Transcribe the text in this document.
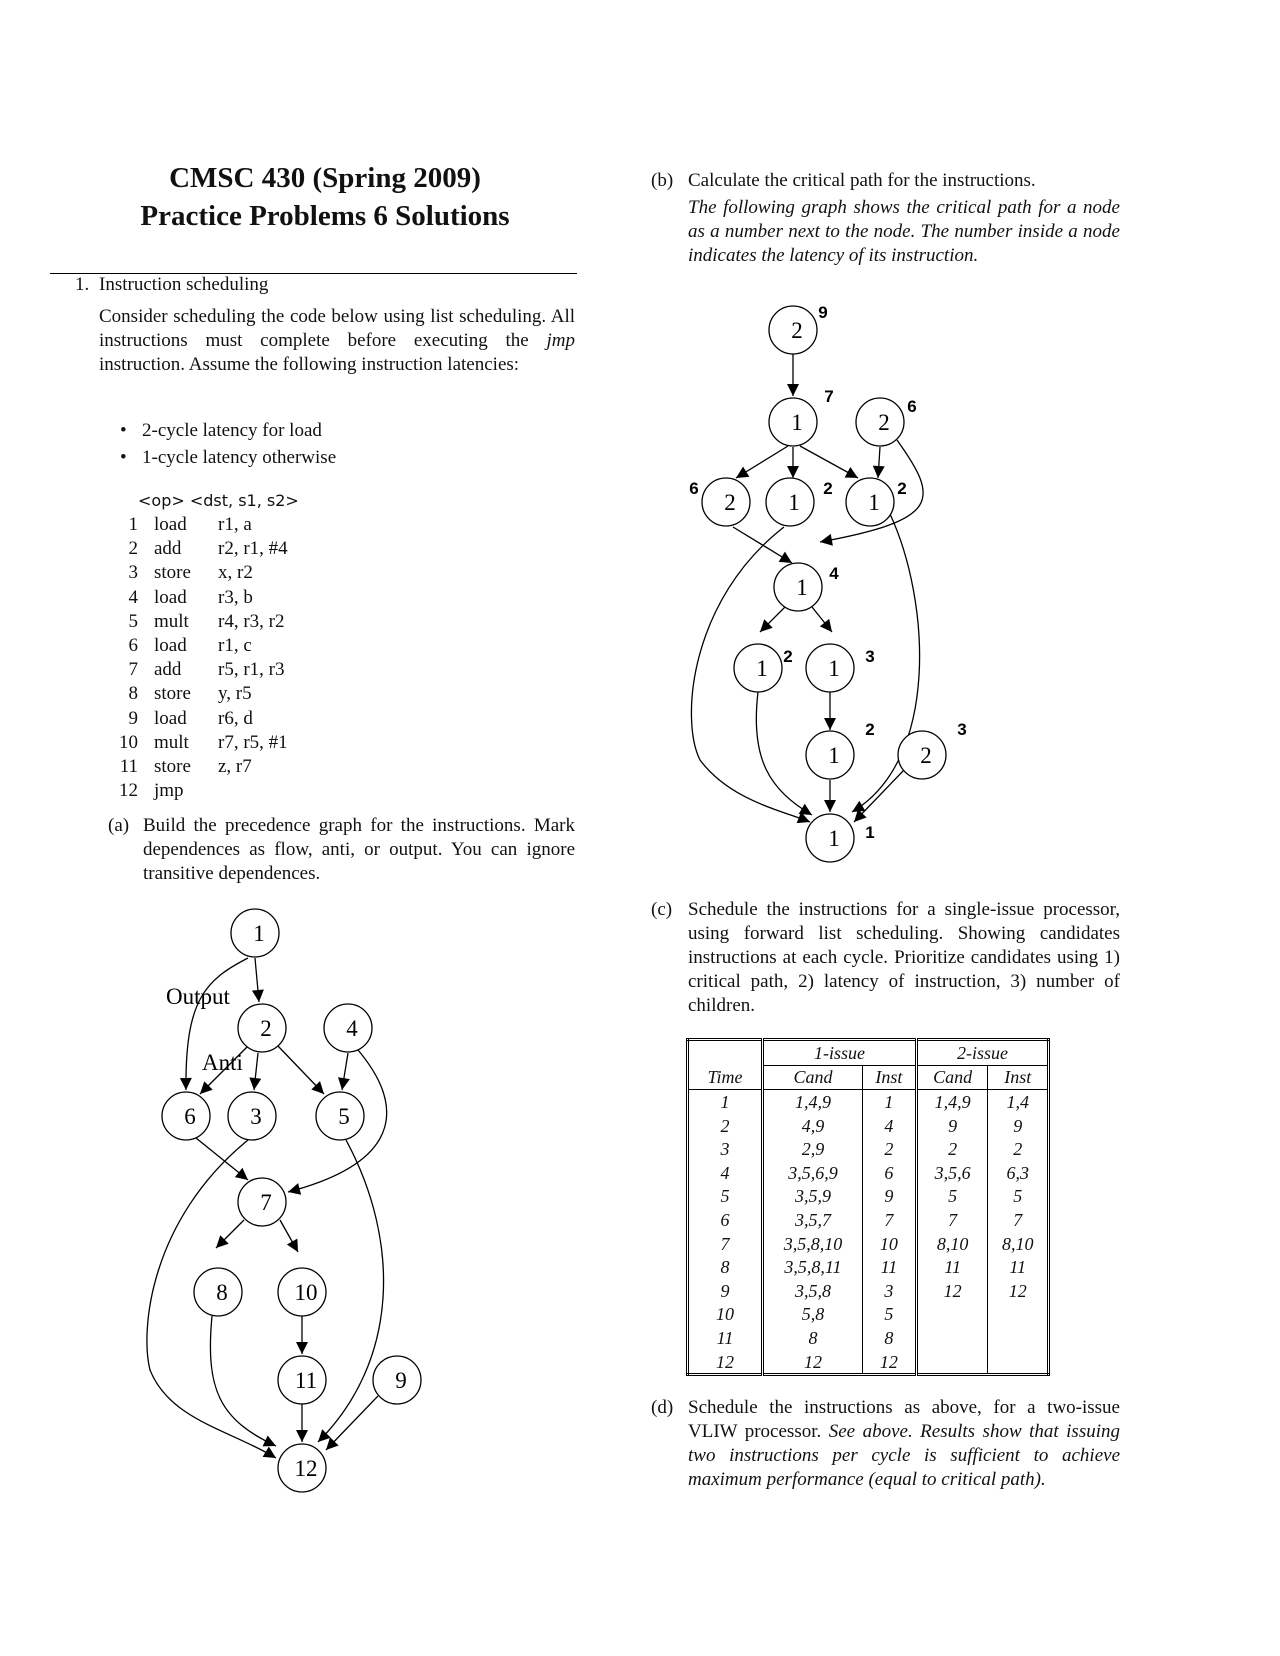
CMSC 430 (Spring 2009)
Practice Problems 6 Solutions
1. Instruction scheduling
Consider scheduling the code below using list scheduling. All instructions must complete before executing the jmp instruction. Assume the following instruction latencies:
• 2-cycle latency for load
• 1-cycle latency otherwise
<op> <dst, s1, s2>
1 load	r1, a
2 add	r2, r1, #4
3 store	x, r2
4 load	r3, b
5 mult	r4, r3, r2
6 load	r1, c
7 add	r5, r1, r3
8 store	y, r5
9 load	r6, d
10 mult	r7, r5, #1
11 store	z, r7
12 jmp
(a) Build the precedence graph for the instructions. Mark dependences as flow, anti, or output. You can ignore transitive dependences.
1
2	4
6 3	5
7
8	10
11	9
12
Output
Anti
(b) Calculate the critical path for the instructions.
The following graph shows the critical path for a node as a number next to the node. The number inside a node indicates the latency of its instruction.
2
9
1
7
2
6
2
6
1
2
1
2
1
4
1 2 1 3
1
2
2
3
1 1
(c) Schedule the instructions for a single-issue processor, using forward list scheduling. Showing candidates instructions at each cycle. Prioritize candidates using 1) critical path, 2) latency of instruction, 3) number of children.
	1-issue		2-issue	
Time	Cand	Inst	Cand	Inst
1	1,4,9	1	1,4,9	1,4
2	4,9	4	9	9
3	2,9	2	2	2
4	3,5,6,9	6	3,5,6	6,3
5	3,5,9	9	5	5
6	3,5,7	7	7	7
7	3,5,8,10	10	8,10	8,10
8	3,5,8,11	11	11	11
9	3,5,8	3	12	12
10	5,8	5		
11	8	8		
12	12	12		
(d) Schedule the instructions as above, for a two-issue VLIW processor. See above. Results show that issuing two instructions per cycle is sufficient to achieve maximum performance (equal to critical path).
